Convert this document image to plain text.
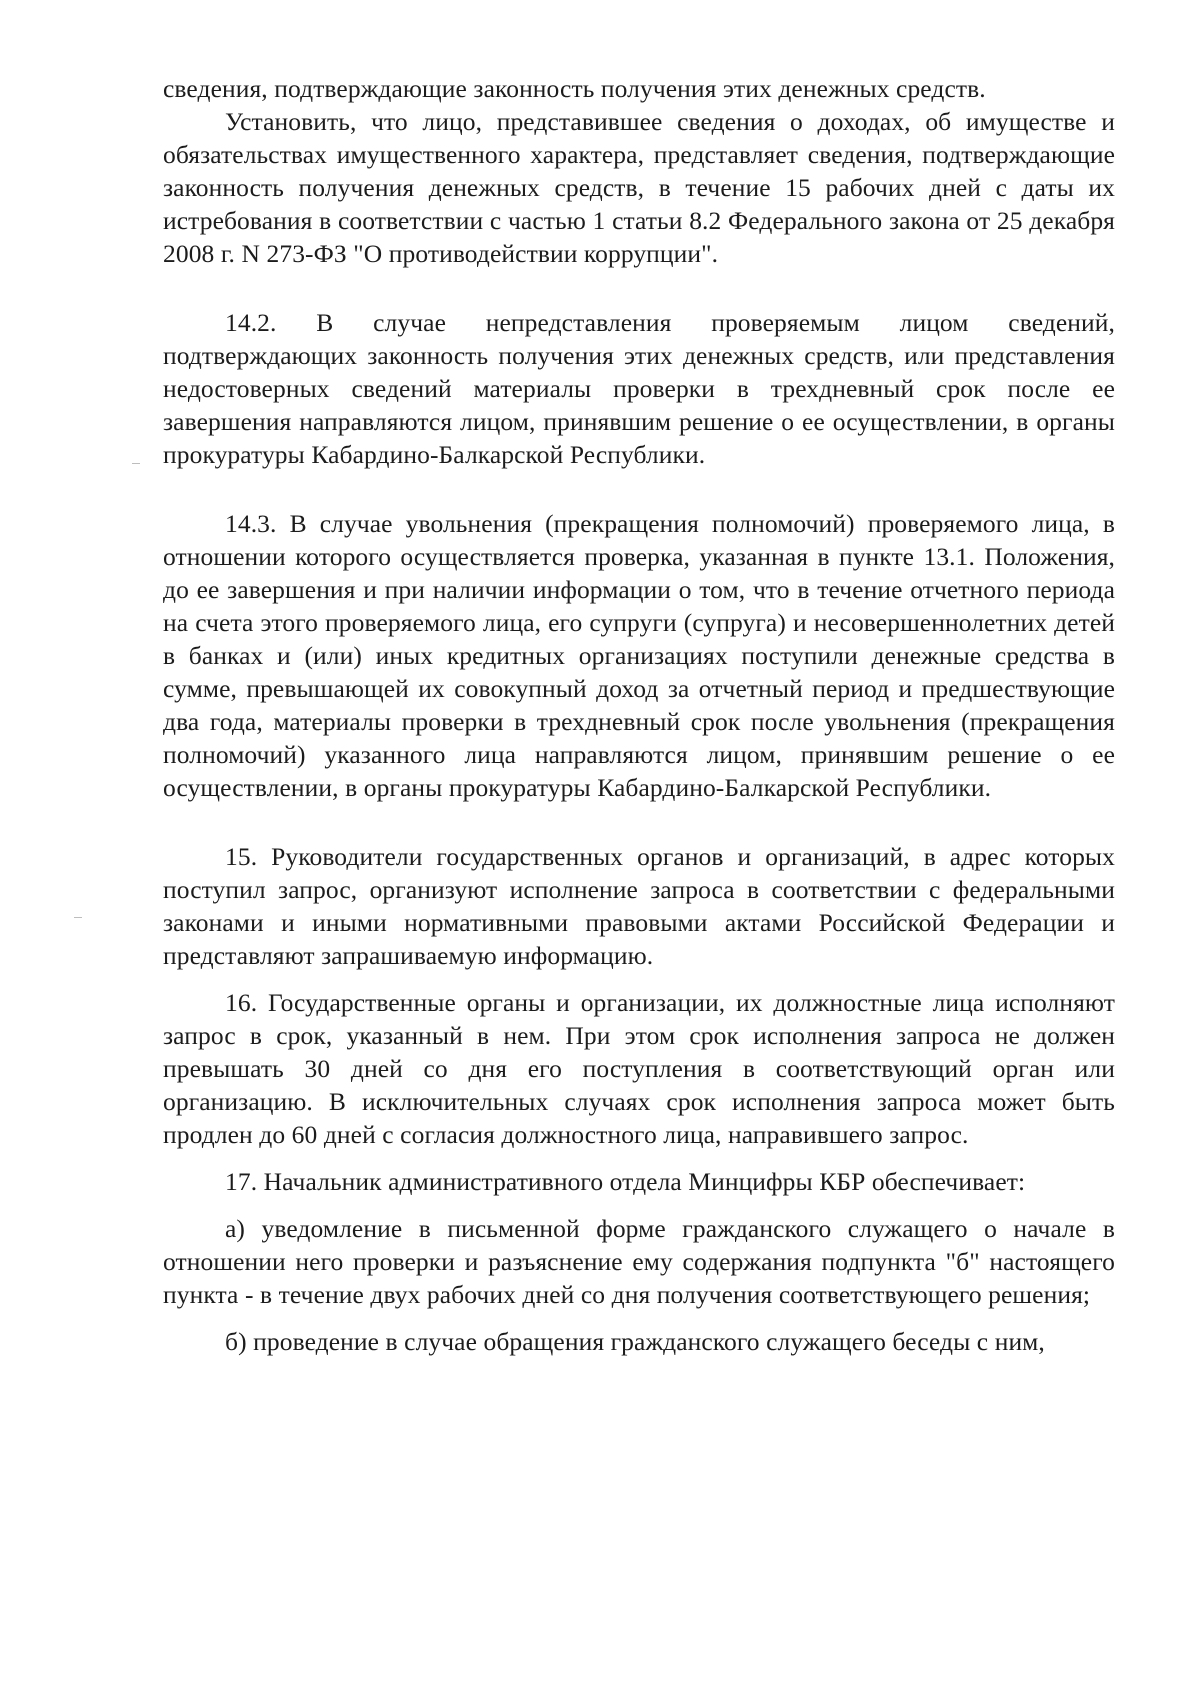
сведения, подтверждающие законность получения этих денежных средств.

Установить, что лицо, представившее сведения о доходах, об имуществе и обязательствах имущественного характера, представляет сведения, подтверждающие законность получения денежных средств, в течение 15 рабочих дней с даты их истребования в соответствии с частью 1 статьи 8.2 Федерального закона от 25 декабря 2008 г. N 273-ФЗ "О противодействии коррупции".

14.2. В случае непредставления проверяемым лицом сведений, подтверждающих законность получения этих денежных средств, или представления недостоверных сведений материалы проверки в трехдневный срок после ее завершения направляются лицом, принявшим решение о ее осуществлении, в органы прокуратуры Кабардино-Балкарской Республики.

14.3. В случае увольнения (прекращения полномочий) проверяемого лица, в отношении которого осуществляется проверка, указанная в пункте 13.1. Положения, до ее завершения и при наличии информации о том, что в течение отчетного периода на счета этого проверяемого лица, его супруги (супруга) и несовершеннолетних детей в банках и (или) иных кредитных организациях поступили денежные средства в сумме, превышающей их совокупный доход за отчетный период и предшествующие два года, материалы проверки в трехдневный срок после увольнения (прекращения полномочий) указанного лица направляются лицом, принявшим решение о ее осуществлении, в органы прокуратуры Кабардино-Балкарской Республики.

15. Руководители государственных органов и организаций, в адрес которых поступил запрос, организуют исполнение запроса в соответствии с федеральными законами и иными нормативными правовыми актами Российской Федерации и представляют запрашиваемую информацию.

16. Государственные органы и организации, их должностные лица исполняют запрос в срок, указанный в нем. При этом срок исполнения запроса не должен превышать 30 дней со дня его поступления в соответствующий орган или организацию. В исключительных случаях срок исполнения запроса может быть продлен до 60 дней с согласия должностного лица, направившего запрос.

17. Начальник административного отдела Минцифры КБР обеспечивает:

а) уведомление в письменной форме гражданского служащего о начале в отношении него проверки и разъяснение ему содержания подпункта "б" настоящего пункта - в течение двух рабочих дней со дня получения соответствующего решения;

б) проведение в случае обращения гражданского служащего беседы с ним,
